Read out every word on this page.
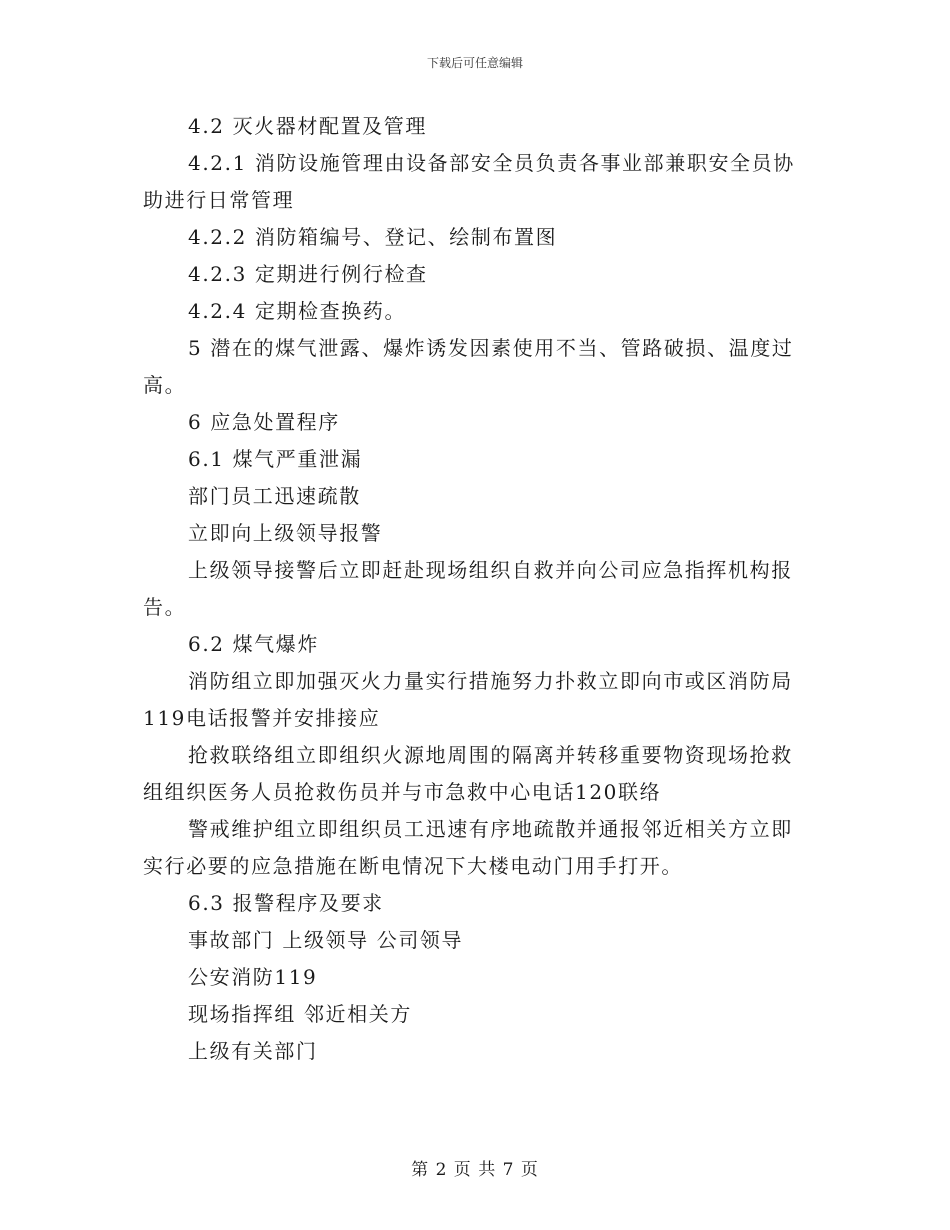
下载后可任意编辑

4.2 灭火器材配置及管理

4.2.1 消防设施管理由设备部安全员负责各事业部兼职安全员协助进行日常管理

4.2.2 消防箱编号、登记、绘制布置图

4.2.3 定期进行例行检查

4.2.4 定期检查换药。

5 潜在的煤气泄露、爆炸诱发因素使用不当、管路破损、温度过高。

6 应急处置程序

6.1 煤气严重泄漏

部门员工迅速疏散

立即向上级领导报警

上级领导接警后立即赶赴现场组织自救并向公司应急指挥机构报告。

6.2 煤气爆炸

消防组立即加强灭火力量实行措施努力扑救立即向市或区消防局119电话报警并安排接应

抢救联络组立即组织火源地周围的隔离并转移重要物资现场抢救组组织医务人员抢救伤员并与市急救中心电话120联络

警戒维护组立即组织员工迅速有序地疏散并通报邻近相关方立即实行必要的应急措施在断电情况下大楼电动门用手打开。

6.3 报警程序及要求

事故部门 上级领导 公司领导

公安消防119

现场指挥组 邻近相关方

上级有关部门

第 2 页 共 7 页
